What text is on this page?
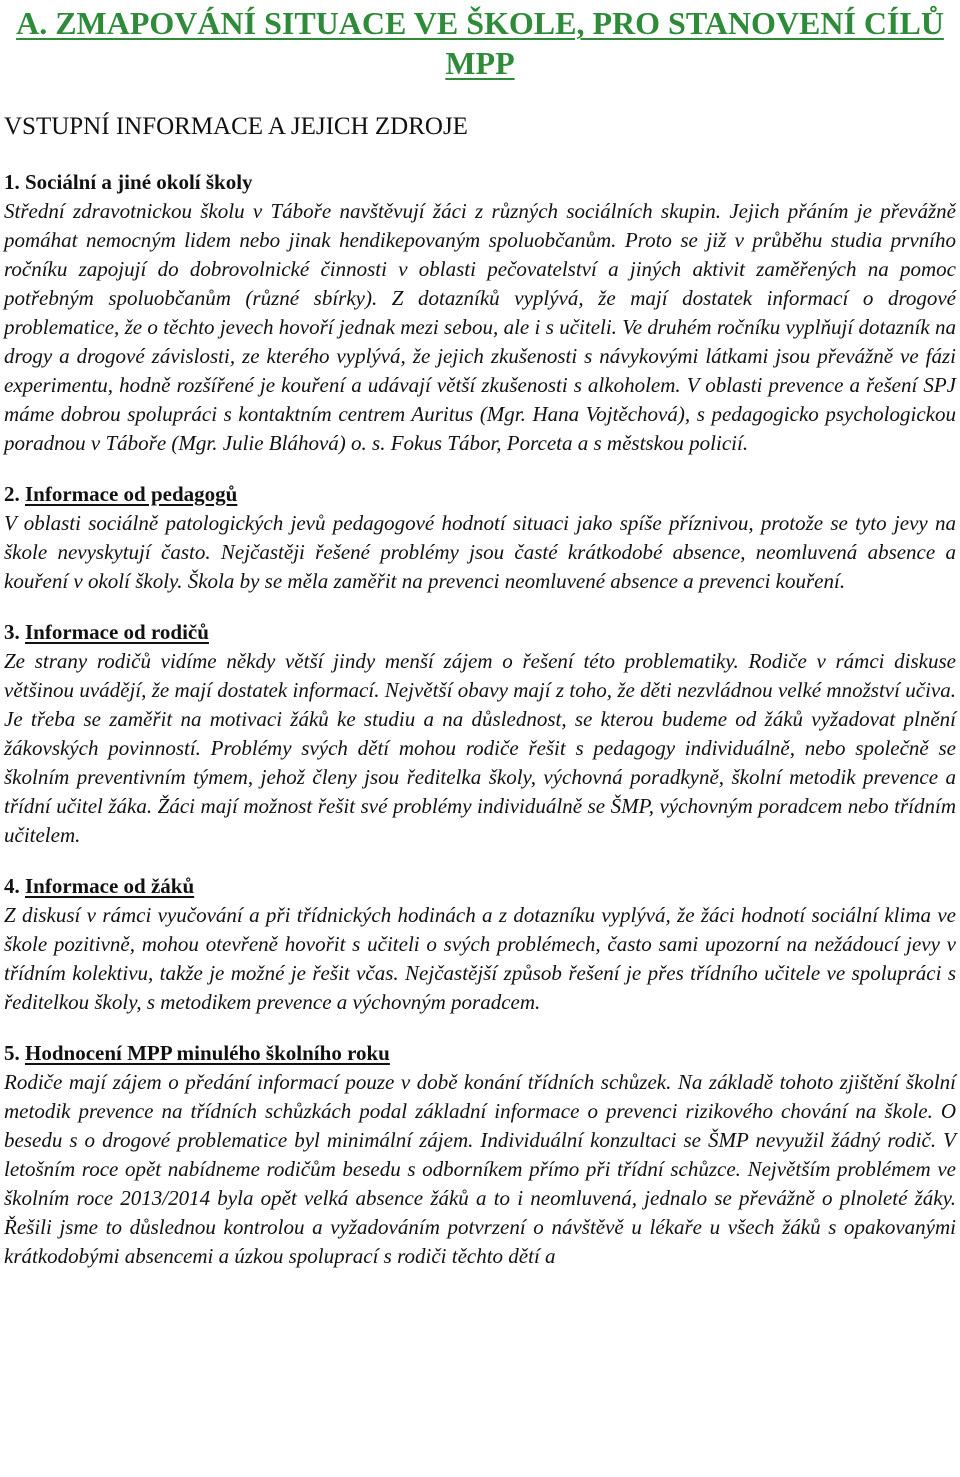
A. ZMAPOVÁNÍ SITUACE VE ŠKOLE, PRO STANOVENÍ CÍLŮ MPP
VSTUPNÍ INFORMACE A JEJICH ZDROJE
1. Sociální a jiné okolí školy

Střední zdravotnickou školu v Táboře navštěvují žáci z různých sociálních skupin. Jejich přáním je převážně pomáhat nemocným lidem nebo jinak hendikepovaným spoluobčanům. Proto se již v průběhu studia prvního ročníku zapojují do dobrovolnické činnosti v oblasti pečovatelství a jiných aktivit zaměřených na pomoc potřebným spoluobčanům (různé sbírky). Z dotazníků vyplývá, že mají dostatek informací o drogové problematice, že o těchto jevech hovoří jednak mezi sebou, ale i s učiteli. Ve druhém ročníku vyplňují dotazník na drogy a drogové závislosti, ze kterého vyplývá, že jejich zkušenosti s návykovými látkami jsou převážně ve fázi experimentu, hodně rozšířené je kouření a udávají větší zkušenosti s alkoholem. V oblasti prevence a řešení SPJ máme dobrou spolupráci s kontaktním centrem Auritus (Mgr. Hana Vojtěchová), s pedagogicko psychologickou poradnou v Táboře (Mgr. Julie Bláhová) o. s. Fokus Tábor, Porceta a s městskou policií.

2. Informace od pedagogů

V oblasti sociálně patologických jevů pedagogové hodnotí situaci jako spíše příznivou, protože se tyto jevy na škole nevyskytují často. Nejčastěji řešené problémy jsou časté krátkodobé absence, neomluvená absence a kouření v okolí školy. Škola by se měla zaměřit na prevenci neomluvené absence a prevenci kouření.

3. Informace od rodičů

Ze strany rodičů vidíme někdy větší jindy menší zájem o řešení této problematiky. Rodiče v rámci diskuse většinou uvádějí, že mají dostatek informací. Největší obavy mají z toho, že děti nezvládnou velké množství učiva. Je třeba se zaměřit na motivaci žáků ke studiu a na důslednost, se kterou budeme od žáků vyžadovat plnění žákovských povinností. Problémy svých dětí mohou rodiče řešit s pedagogy individuálně, nebo společně se školním preventivním týmem, jehož členy jsou ředitelka školy, výchovná poradkyně, školní metodik prevence a třídní učitel žáka. Žáci mají možnost řešit své problémy individuálně se ŠMP, výchovným poradcem nebo třídním učitelem.

4. Informace od žáků

Z diskusí v rámci vyučování a při třídnických hodinách a z dotazníku vyplývá, že žáci hodnotí sociální klima ve škole pozitivně, mohou otevřeně hovořit s učiteli o svých problémech, často sami upozorní na nežádoucí jevy v třídním kolektivu, takže je možné je řešit včas. Nejčastější způsob řešení je přes třídního učitele ve spolupráci s ředitelkou školy, s metodikem prevence a výchovným poradcem.

5. Hodnocení MPP minulého školního roku

Rodiče mají zájem o předání informací pouze v době konání třídních schůzek. Na základě tohoto zjištění školní metodik prevence na třídních schůzkách podal základní informace o prevenci rizikového chování na škole. O besedu s o drogové problematice byl minimální zájem. Individuální konzultaci se ŠMP nevyužil žádný rodič. V letošním roce opět nabídneme rodičům besedu s odborníkem přímo při třídní schůzce. Největším problémem ve školním roce 2013/2014 byla opět velká absence žáků a to i neomluvená, jednalo se převážně o plnoleté žáky. Řešili jsme to důslednou kontrolou a vyžadováním potvrzení o návštěvě u lékaře u všech žáků s opakovanými krátkodobými absencemi a úzkou spoluprací s rodiči těchto dětí a
